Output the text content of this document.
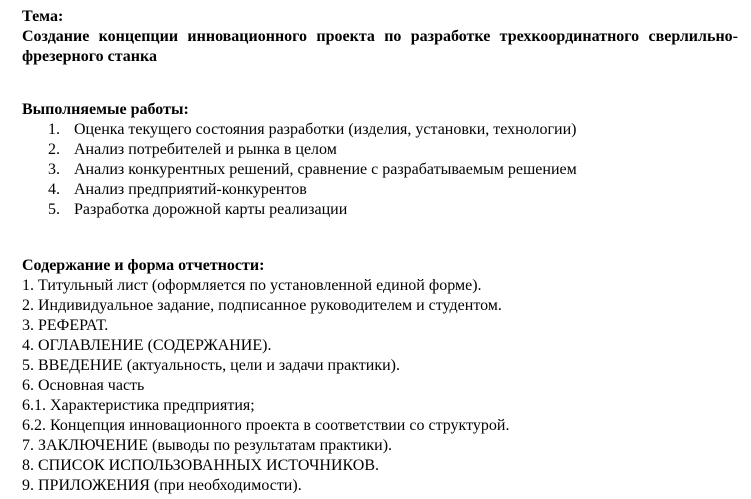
Тема:
Создание концепции инновационного проекта по разработке трехкоординатного сверлильно-фрезерного станка
Выполняемые работы:
1. Оценка текущего состояния разработки (изделия, установки, технологии)
2. Анализ потребителей и рынка в целом
3. Анализ конкурентных решений, сравнение с разрабатываемым решением
4. Анализ предприятий-конкурентов
5. Разработка дорожной карты реализации
Содержание и форма отчетности:
1. Титульный лист (оформляется по установленной единой форме).
2. Индивидуальное задание, подписанное руководителем и студентом.
3. РЕФЕРАТ.
4. ОГЛАВЛЕНИЕ (СОДЕРЖАНИЕ).
5. ВВЕДЕНИЕ (актуальность, цели и задачи практики).
6. Основная часть
6.1. Характеристика предприятия;
6.2. Концепция инновационного проекта в соответствии со структурой.
7. ЗАКЛЮЧЕНИЕ (выводы по результатам практики).
8. СПИСОК ИСПОЛЬЗОВАННЫХ ИСТОЧНИКОВ.
9. ПРИЛОЖЕНИЯ (при необходимости).
